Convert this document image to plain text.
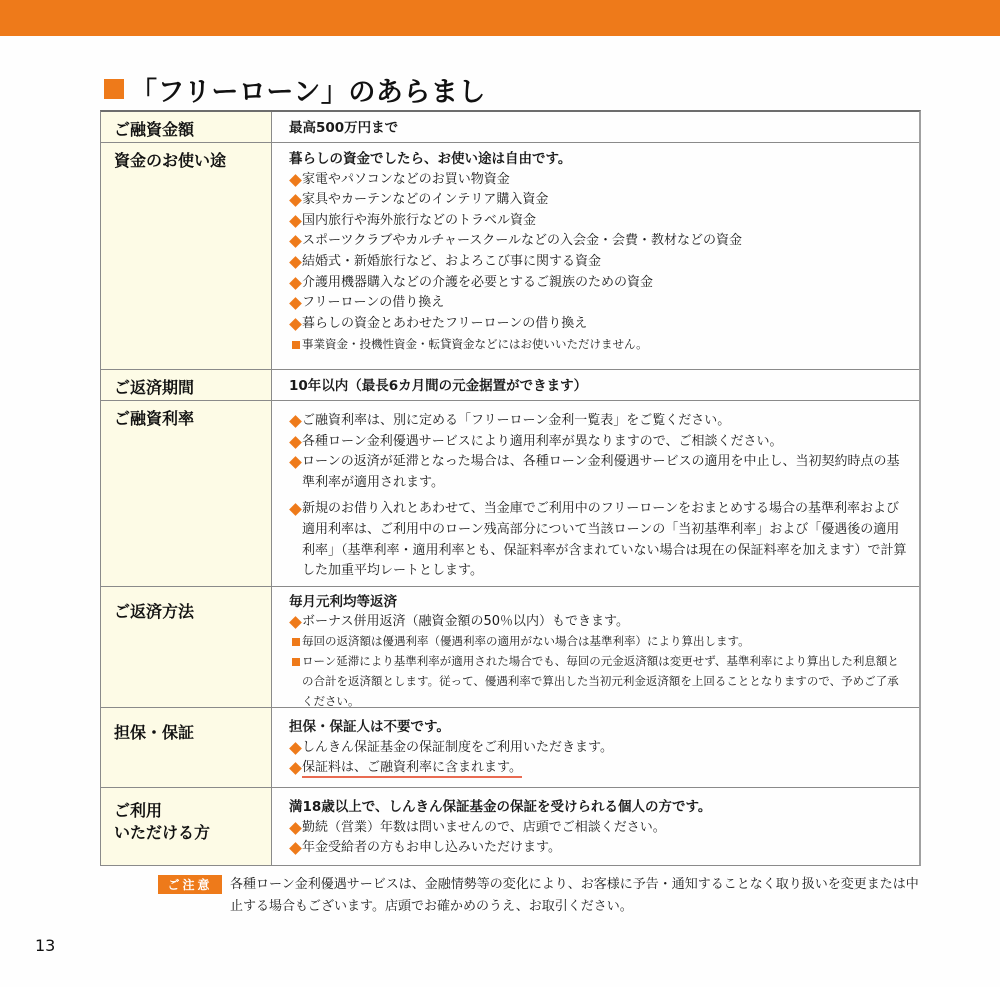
「フリーローン」のあらまし
ご融資金額	最高500万円まで
資金のお使い途	暮らしの資金でしたら、お使い途は自由です。
家電やパソコンなどのお買い物資金
家具やカーテンなどのインテリア購入資金
国内旅行や海外旅行などのトラベル資金
スポーツクラブやカルチャースクールなどの入会金・会費・教材などの資金
結婚式・新婚旅行など、およろこび事に関する資金
介護用機器購入などの介護を必要とするご親族のための資金
フリーローンの借り換え
暮らしの資金とあわせたフリーローンの借り換え
事業資金・投機性資金・転貸資金などにはお使いいただけません。
ご返済期間	10年以内（最長6カ月間の元金据置ができます）
ご融資利率	ご融資利率は、別に定める「フリーローン金利一覧表」をご覧ください。
各種ローン金利優遇サービスにより適用利率が異なりますので、ご相談ください。
ローンの返済が延滞となった場合は、各種ローン金利優遇サービスの適用を中止し、当初契約時点の基準利率が適用されます。
新規のお借り入れとあわせて、当金庫でご利用中のフリーローンをおまとめする場合の基準利率および適用利率は、ご利用中のローン残高部分について当該ローンの「当初基準利率」および「優遇後の適用利率」（基準利率・適用利率とも、保証料率が含まれていない場合は現在の保証料率を加えます）で計算した加重平均レートとします。
ご返済方法	毎月元利均等返済
ボーナス併用返済（融資金額の50％以内）もできます。
毎回の返済額は優遇利率（優遇利率の適用がない場合は基準利率）により算出します。
ローン延滞により基準利率が適用された場合でも、毎回の元金返済額は変更せず、基準利率により算出した利息額との合計を返済額とします。従って、優遇利率で算出した当初元利金返済額を上回ることとなりますので、予めご了承ください。
担保・保証	担保・保証人は不要です。
しんきん保証基金の保証制度をご利用いただきます。
保証料は、ご融資利率に含まれます。
ご利用
いただける方
満18歳以上で、しんきん保証基金の保証を受けられる個人の方です。
勤続（営業）年数は問いませんので、店頭でご相談ください。
年金受給者の方もお申し込みいただけます。
ご注意	各種ローン金利優遇サービスは、金融情勢等の変化により、お客様に予告・通知することなく取り扱いを変更または中止する場合もございます。店頭でお確かめのうえ、お取引ください。
13
